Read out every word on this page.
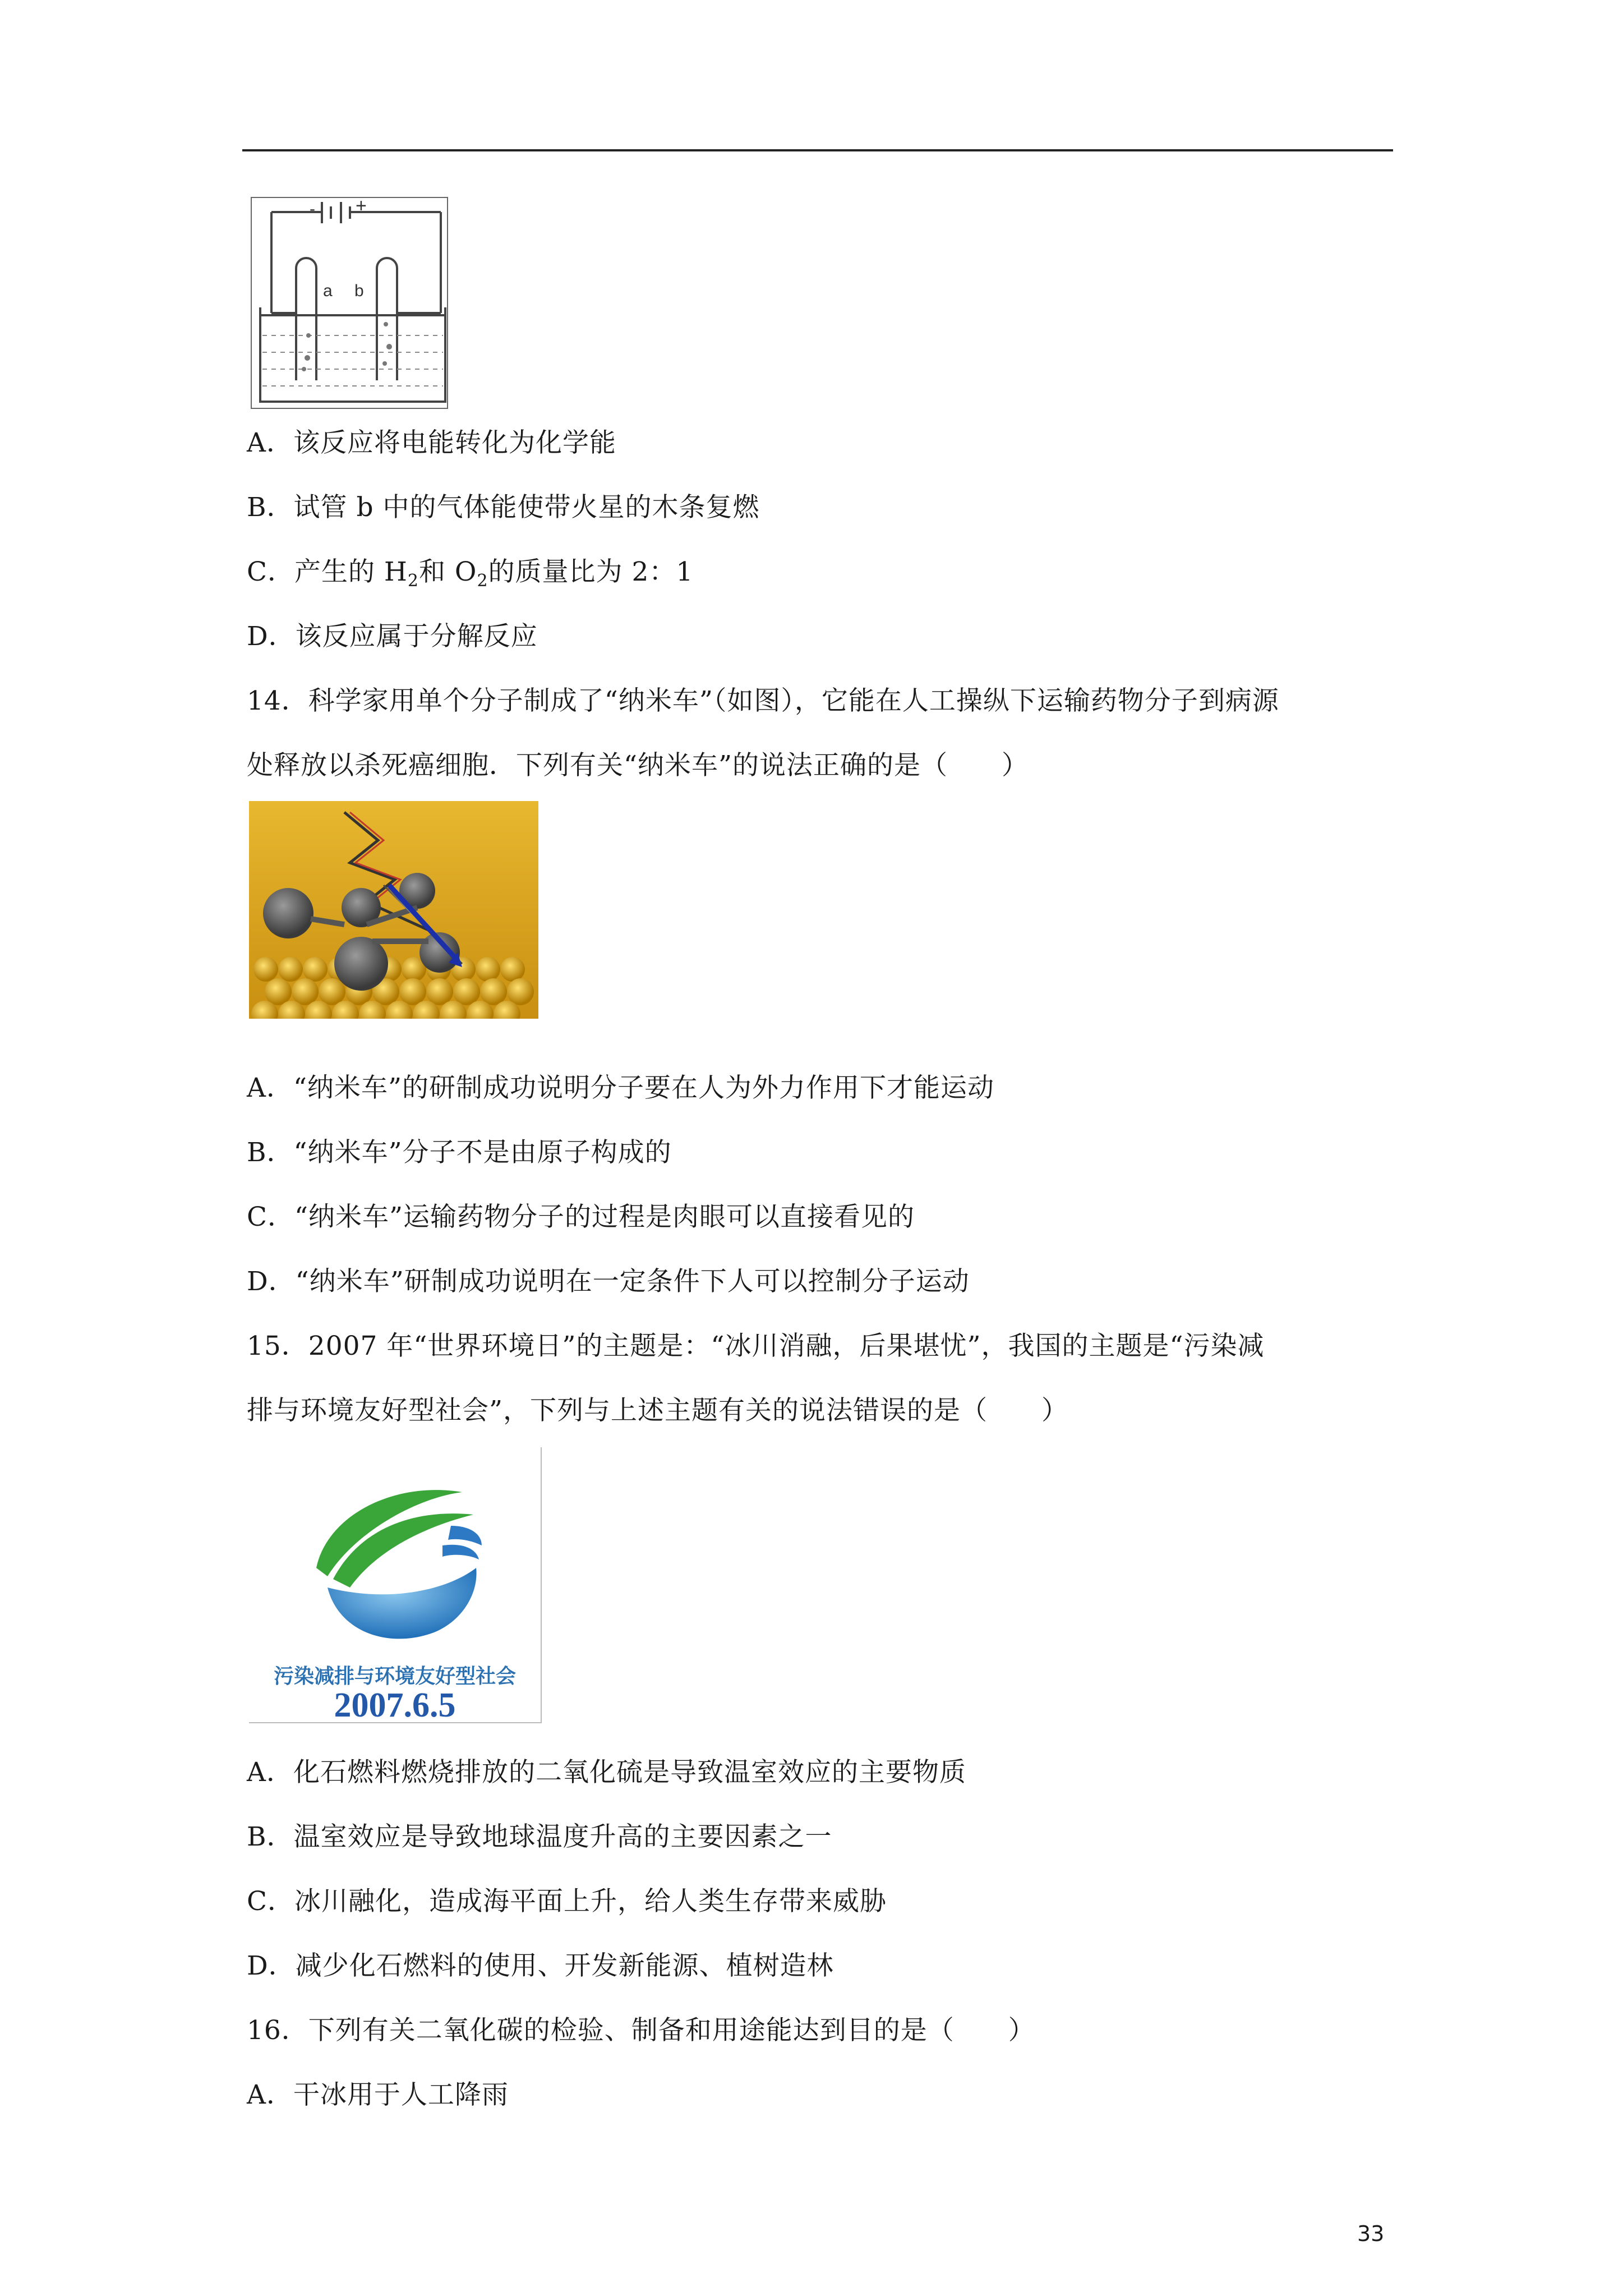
- +
a b
A．该反应将电能转化为化学能
B．试管 b 中的气体能使带火星的木条复燃
C．产生的 $H_2$和 $O_2$的质量比为 2：1
D．该反应属于分解反应
14．科学家用单个分子制成了“纳米车”（如图），它能在人工操纵下运输药物分子到病源
处释放以杀死癌细胞．下列有关“纳米车”的说法正确的是（　　）
A．“纳米车”的研制成功说明分子要在人为外力作用下才能运动
B．“纳米车”分子不是由原子构成的
C．“纳米车”运输药物分子的过程是肉眼可以直接看见的
D．“纳米车”研制成功说明在一定条件下人可以控制分子运动
15．2007 年“世界环境日”的主题是：“冰川消融，后果堪忧”，我国的主题是“污染减
排与环境友好型社会”，下列与上述主题有关的说法错误的是（　　）
污染减排与环境友好型社会
2007.6.5
A．化石燃料燃烧排放的二氧化硫是导致温室效应的主要物质
B．温室效应是导致地球温度升高的主要因素之一
C．冰川融化，造成海平面上升，给人类生存带来威胁
D．减少化石燃料的使用、开发新能源、植树造林
16．下列有关二氧化碳的检验、制备和用途能达到目的是（　　）
A．干冰用于人工降雨
33
